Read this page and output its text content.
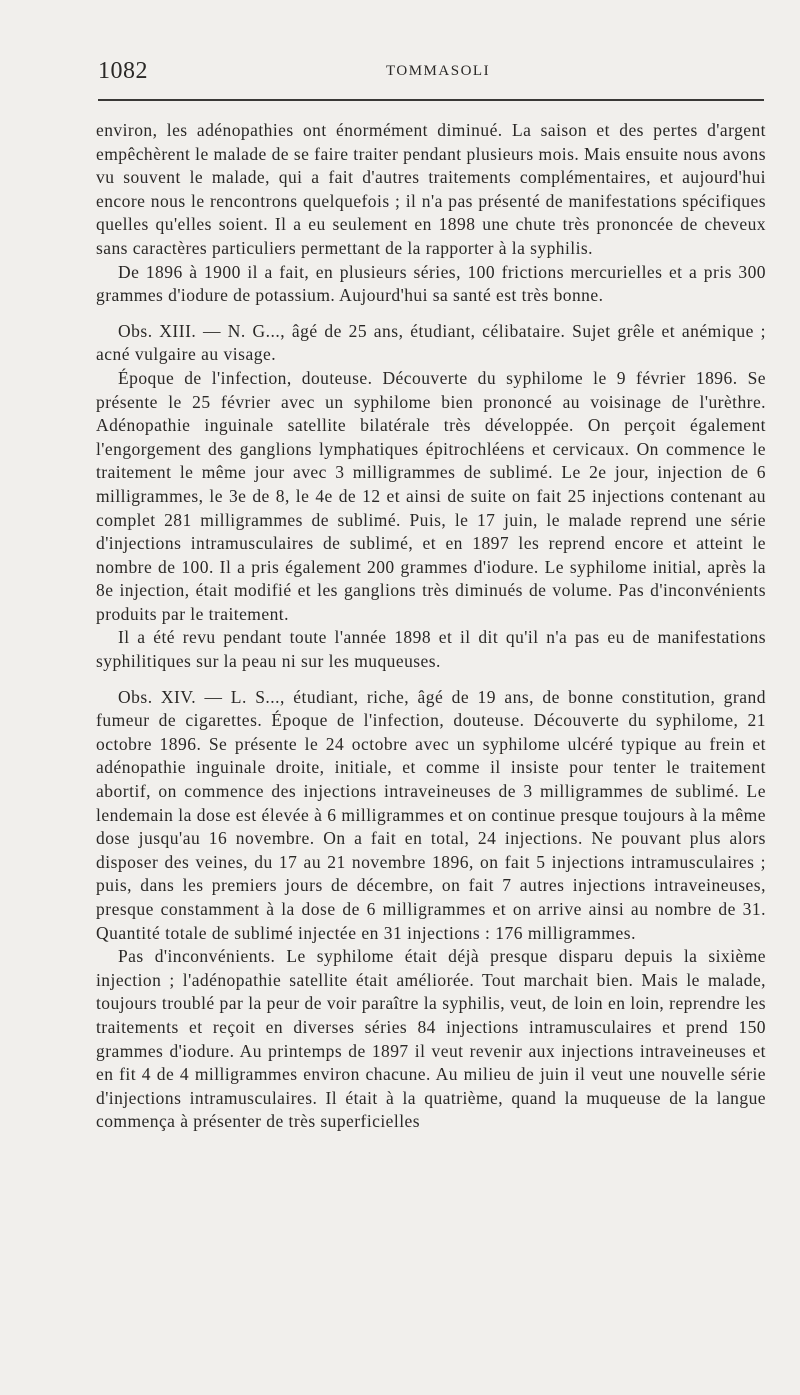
1082	TOMMASOLI

environ, les adénopathies ont énormément diminué. La saison et des pertes d'argent empêchèrent le malade de se faire traiter pendant plusieurs mois. Mais ensuite nous avons vu souvent le malade, qui a fait d'autres traitements complémentaires, et aujourd'hui encore nous le rencontrons quelquefois ; il n'a pas présenté de manifestations spécifiques quelles qu'elles soient. Il a eu seulement en 1898 une chute très prononcée de cheveux sans caractères particuliers permettant de la rapporter à la syphilis.

De 1896 à 1900 il a fait, en plusieurs séries, 100 frictions mercurielles et a pris 300 grammes d'iodure de potassium. Aujourd'hui sa santé est très bonne.

Obs. XIII. — N. G..., âgé de 25 ans, étudiant, célibataire. Sujet grêle et anémique ; acné vulgaire au visage.

Époque de l'infection, douteuse. Découverte du syphilome le 9 février 1896. Se présente le 25 février avec un syphilome bien prononcé au voisinage de l'urèthre. Adénopathie inguinale satellite bilatérale très développée. On perçoit également l'engorgement des ganglions lymphatiques épitrochléens et cervicaux. On commence le traitement le même jour avec 3 milligrammes de sublimé. Le 2e jour, injection de 6 milligrammes, le 3e de 8, le 4e de 12 et ainsi de suite on fait 25 injections contenant au complet 281 milligrammes de sublimé. Puis, le 17 juin, le malade reprend une série d'injections intramusculaires de sublimé, et en 1897 les reprend encore et atteint le nombre de 100. Il a pris également 200 grammes d'iodure. Le syphilome initial, après la 8e injection, était modifié et les ganglions très diminués de volume. Pas d'inconvénients produits par le traitement.

Il a été revu pendant toute l'année 1898 et il dit qu'il n'a pas eu de manifestations syphilitiques sur la peau ni sur les muqueuses.

Obs. XIV. — L. S..., étudiant, riche, âgé de 19 ans, de bonne constitution, grand fumeur de cigarettes. Époque de l'infection, douteuse. Découverte du syphilome, 21 octobre 1896. Se présente le 24 octobre avec un syphilome ulcéré typique au frein et adénopathie inguinale droite, initiale, et comme il insiste pour tenter le traitement abortif, on commence des injections intraveineuses de 3 milligrammes de sublimé. Le lendemain la dose est élevée à 6 milligrammes et on continue presque toujours à la même dose jusqu'au 16 novembre. On a fait en total, 24 injections. Ne pouvant plus alors disposer des veines, du 17 au 21 novembre 1896, on fait 5 injections intramusculaires ; puis, dans les premiers jours de décembre, on fait 7 autres injections intraveineuses, presque constamment à la dose de 6 milligrammes et on arrive ainsi au nombre de 31. Quantité totale de sublimé injectée en 31 injections : 176 milligrammes.

Pas d'inconvénients. Le syphilome était déjà presque disparu depuis la sixième injection ; l'adénopathie satellite était améliorée. Tout marchait bien. Mais le malade, toujours troublé par la peur de voir paraître la syphilis, veut, de loin en loin, reprendre les traitements et reçoit en diverses séries 84 injections intramusculaires et prend 150 grammes d'iodure. Au printemps de 1897 il veut revenir aux injections intraveineuses et en fit 4 de 4 milligrammes environ chacune. Au milieu de juin il veut une nouvelle série d'injections intramusculaires. Il était à la quatrième, quand la muqueuse de la langue commença à présenter de très superficielles
